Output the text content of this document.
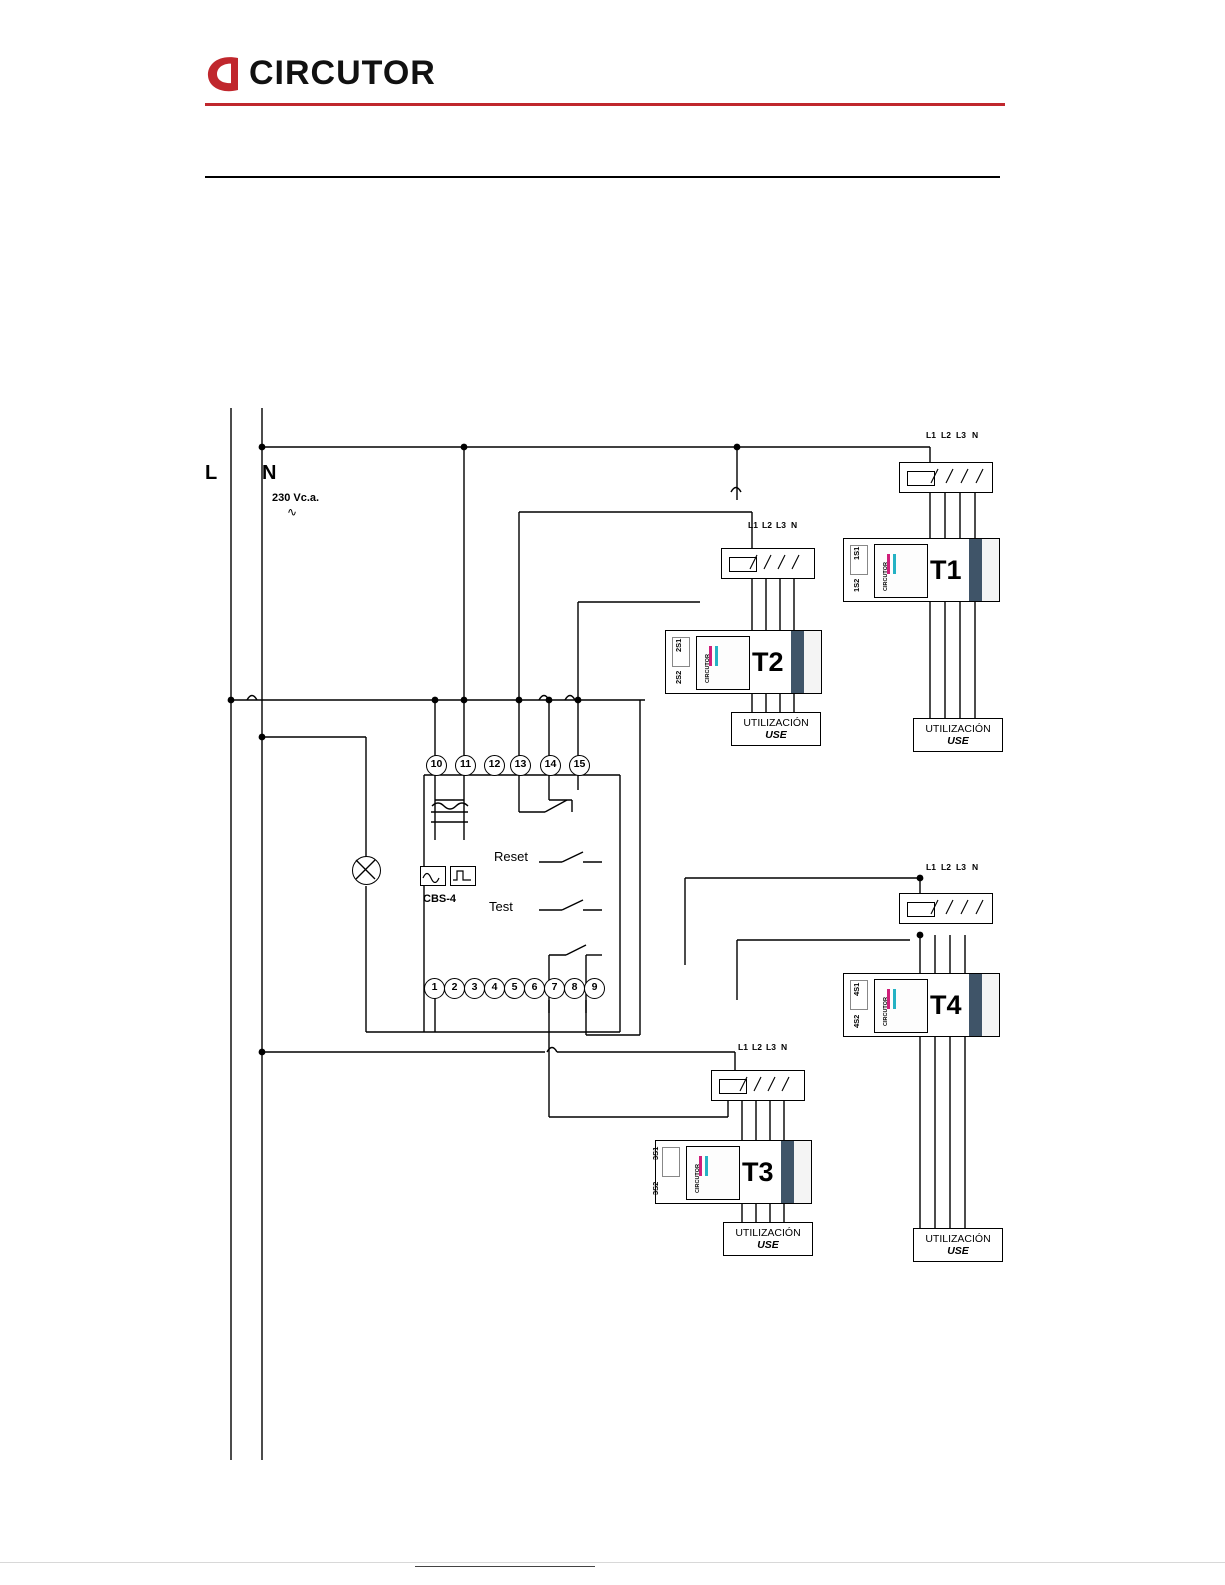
CIRCUTOR
L N
230 Vc.a.
∿
CBS-4
Reset
Test
10	11	12	13	14	15
1	2	3	4	5	6	7	8	9
L1 L2 L3 N
CIRCUTOR T1
1S1
1S2
UTILIZACIÓN
USE
L1 L2 L3 N
CIRCUTOR T2
2S1
2S2
UTILIZACIÓN
USE
L1 L2 L3 N
CIRCUTOR T4
4S1
4S2
UTILIZACIÓN
USE
L1 L2 L3 N
CIRCUTOR T3
3S1
3S2
UTILIZACIÓN
USE
